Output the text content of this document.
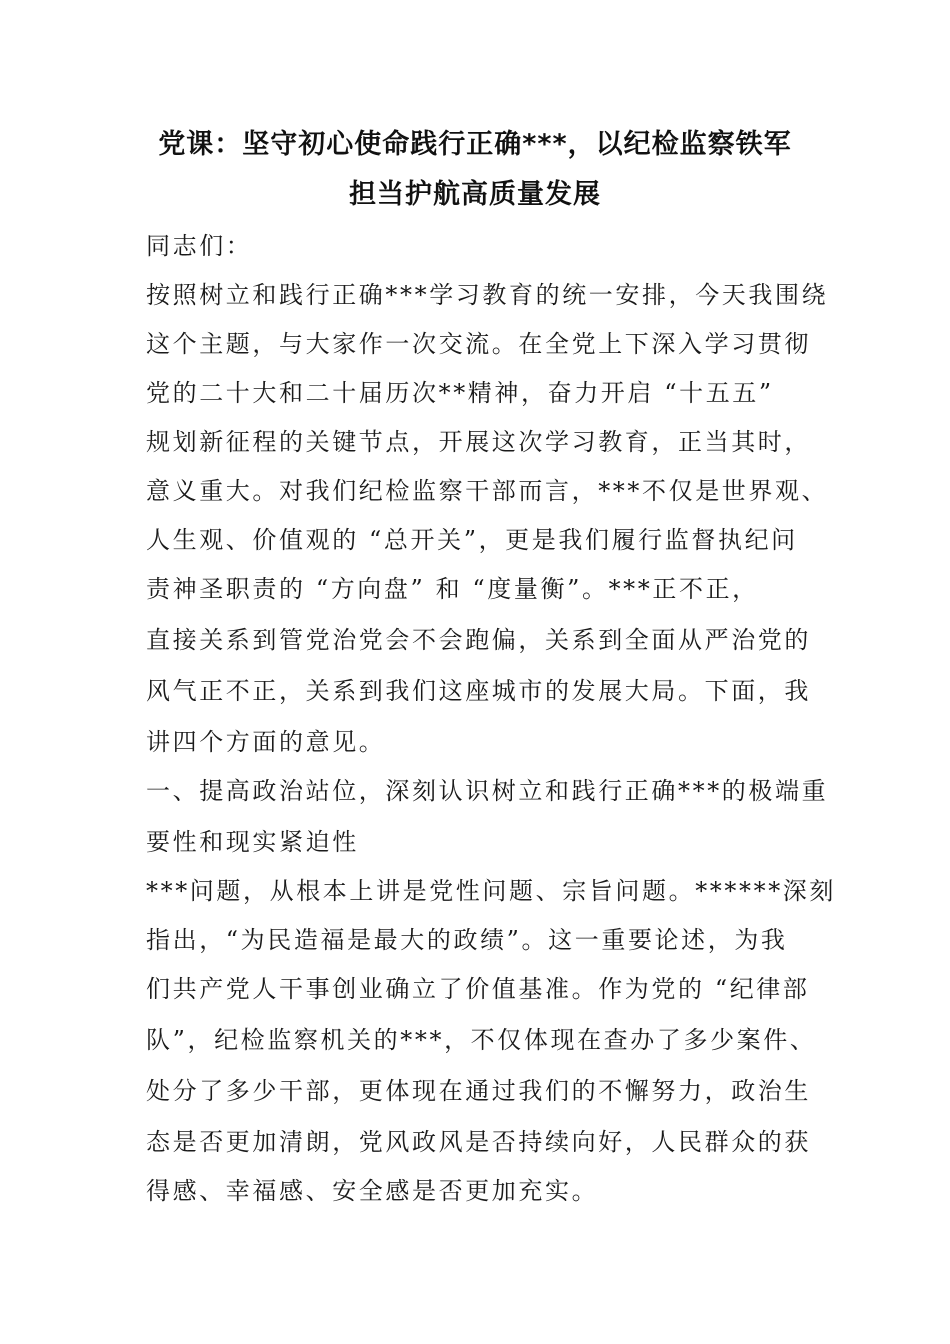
党课：坚守初心使命践行正确***，以纪检监察铁军
担当护航高质量发展
同志们：
按照树立和践行正确***学习教育的统一安排，今天我围绕
这个主题，与大家作一次交流。在全党上下深入学习贯彻
党的二十大和二十届历次**精神，奋力开启 “十五五”
规划新征程的关键节点，开展这次学习教育，正当其时，
意义重大。对我们纪检监察干部而言，***不仅是世界观、
人生观、价值观的 “总开关”，更是我们履行监督执纪问
责神圣职责的 “方向盘” 和 “度量衡”。***正不正，
直接关系到管党治党会不会跑偏，关系到全面从严治党的
风气正不正，关系到我们这座城市的发展大局。下面，我
讲四个方面的意见。
一、提高政治站位，深刻认识树立和践行正确***的极端重
要性和现实紧迫性
***问题，从根本上讲是党性问题、宗旨问题。******深刻
指出，“为民造福是最大的政绩”。这一重要论述，为我
们共产党人干事创业确立了价值基准。作为党的 “纪律部
队”，纪检监察机关的***，不仅体现在查办了多少案件、
处分了多少干部，更体现在通过我们的不懈努力，政治生
态是否更加清朗，党风政风是否持续向好，人民群众的获
得感、幸福感、安全感是否更加充实。
